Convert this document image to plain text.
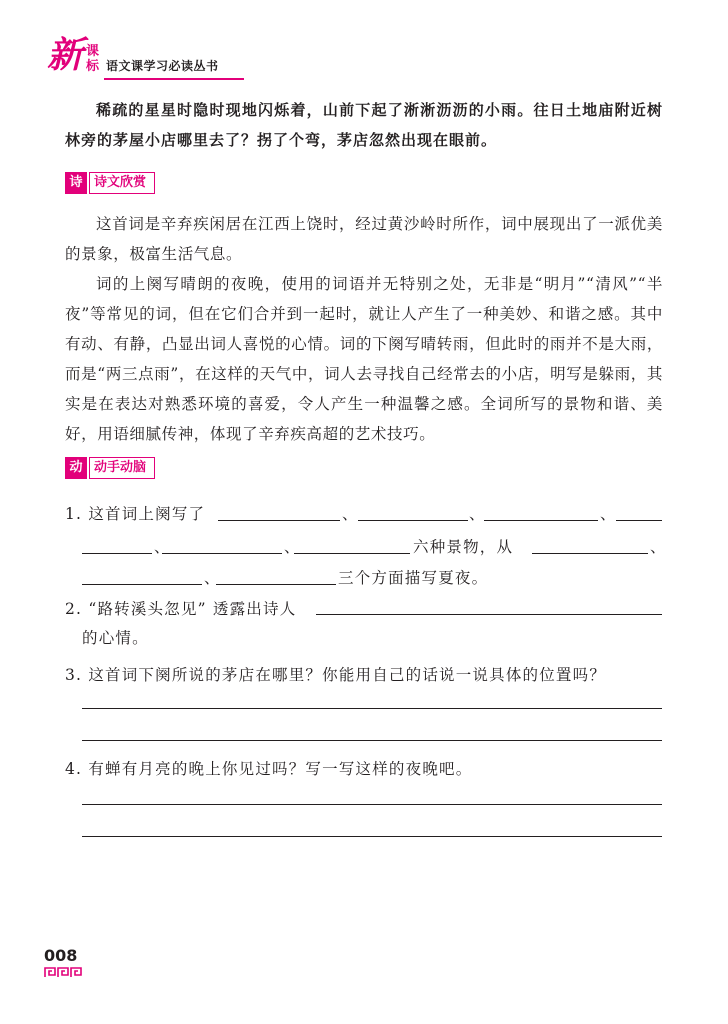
新 课
标 语文课学习必读丛书
稀疏的星星时隐时现地闪烁着，山前下起了淅淅沥沥的小雨。往日土地庙附近树林旁的茅屋小店哪里去了？拐了个弯，茅店忽然出现在眼前。
诗 诗文欣赏
这首词是辛弃疾闲居在江西上饶时，经过黄沙岭时所作，词中展现出了一派优美的景象，极富生活气息。
词的上阕写晴朗的夜晚，使用的词语并无特别之处，无非是“明月”“清风”“半夜”等常见的词，但在它们合并到一起时，就让人产生了一种美妙、和谐之感。其中有动、有静，凸显出词人喜悦的心情。词的下阕写晴转雨，但此时的雨并不是大雨，而是“两三点雨”，在这样的天气中，词人去寻找自己经常去的小店，明写是躲雨，其实是在表达对熟悉环境的喜爱，令人产生一种温馨之感。全词所写的景物和谐、美好，用语细腻传神，体现了辛弃疾高超的艺术技巧。
动 动手动脑
1. 这首词上阕写了	、	、	、
、	、	六种景物，从	、
、	三个方面描写夏夜。
2. “路转溪头忽见” 透露出诗人
的心情。
3. 这首词下阕所说的茅店在哪里？你能用自己的话说一说具体的位置吗？
4. 有蝉有月亮的晚上你见过吗？写一写这样的夜晚吧。
008
